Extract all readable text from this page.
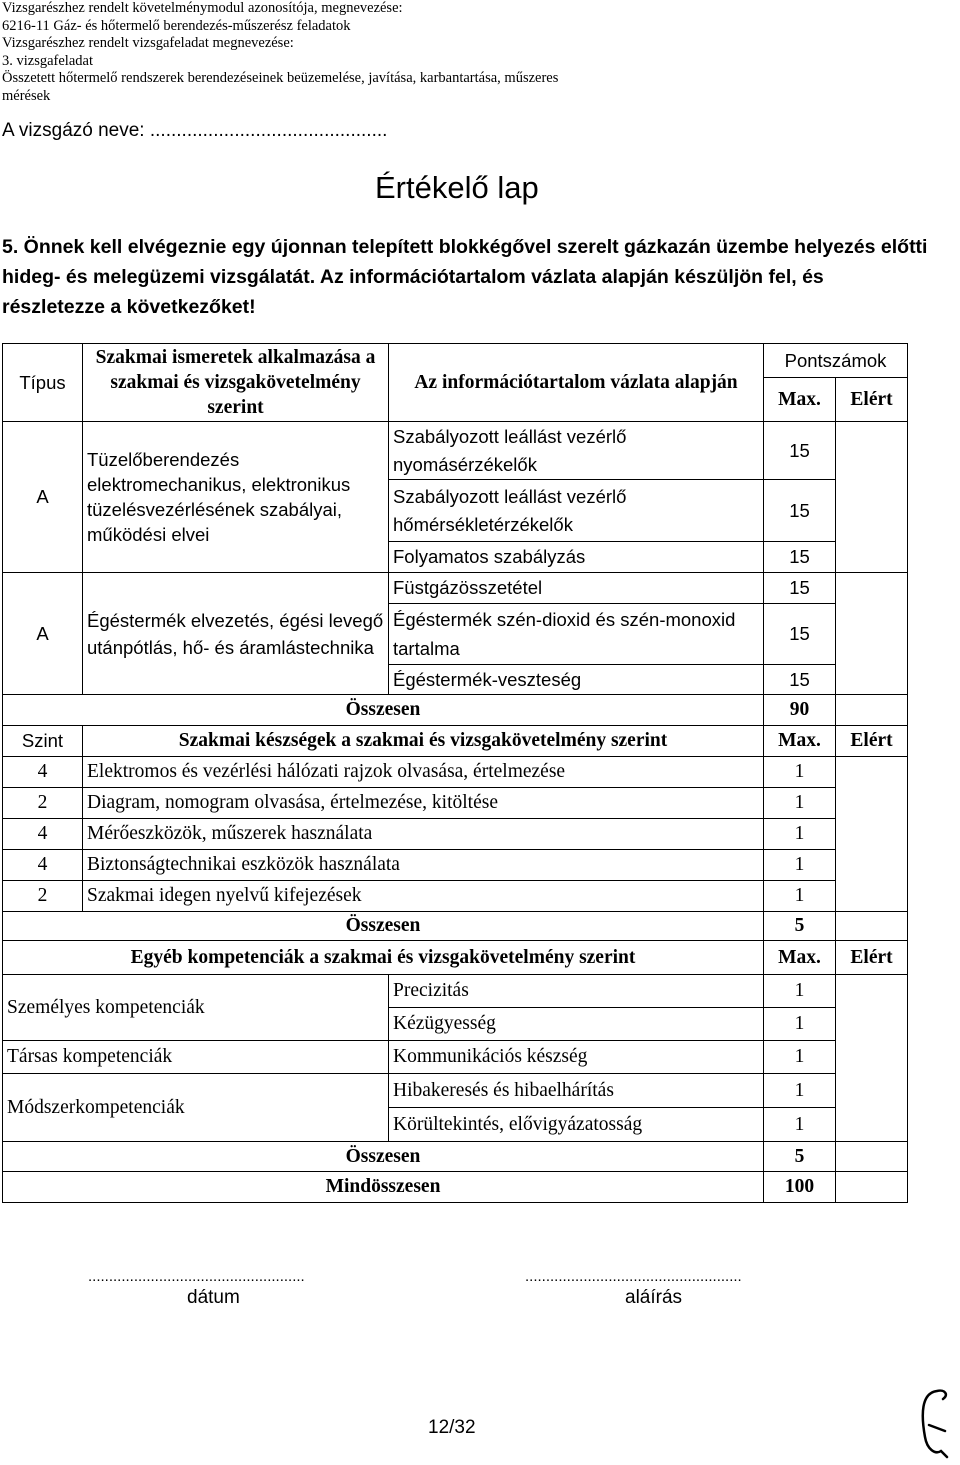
Vizsgarészhez rendelt követelménymodul azonosítója, megnevezése:
6216-11 Gáz- és hőtermelő berendezés-műszerész feladatok
Vizsgarészhez rendelt vizsgafeladat megnevezése:
3. vizsgafeladat
Összetett hőtermelő rendszerek berendezéseinek beüzemelése, javítása, karbantartása, műszeres
mérések
A vizsgázó neve: .............................................
Értékelő lap
5. Önnek kell elvégeznie egy újonnan telepített blokkégővel szerelt gázkazán üzembe helyezés előtti hideg- és melegüzemi vizsgálatát. Az információtartalom vázlata alapján készüljön fel, és részletezze a következőket!
Típus	Szakmai ismeretek alkalmazása a szakmai és vizsgakövetelmény szerint	Az információtartalom vázlata alapján	Pontszámok	
			Max.	Elért
A	Tüzelőberendezés elektromechanikus, elektronikus tüzelésvezérlésének szabályai, működési elvei	Szabályozott leállást vezérlő nyomásérzékelők	15	
		Szabályozott leállást vezérlő hőmérsékletérzékelők	15	
		Folyamatos szabályzás	15	
A	Égéstermék elvezetés, égési levegő utánpótlás, hő- és áramlástechnika	Füstgázösszetétel	15	
		Égéstermék szén-dioxid és szén-monoxid tartalma	15	
		Égéstermék-veszteség	15	
Összesen			90	
Szint	Szakmai készségek a szakmai és vizsgakövetelmény szerint		Max.	Elért
4	Elektromos és vezérlési hálózati rajzok olvasása, értelmezése		1	
2	Diagram, nomogram olvasása, értelmezése, kitöltése		1	
4	Mérőeszközök, műszerek használata		1	
4	Biztonságtechnikai eszközök használata		1	
2	Szakmai idegen nyelvű kifejezések		1	
Összesen			5	
Egyéb kompetenciák a szakmai és vizsgakövetelmény szerint			Max.	Elért
Személyes kompetenciák		Precizitás	1	
		Kézügyesség	1	
Társas kompetenciák		Kommunikációs készség	1	
Módszerkompetenciák		Hibakeresés és hibaelhárítás	1	
		Körültekintés, elővigyázatosság	1	
Összesen			5	
Mindösszesen			100	
....................................................
dátum
....................................................
aláírás
12/32
